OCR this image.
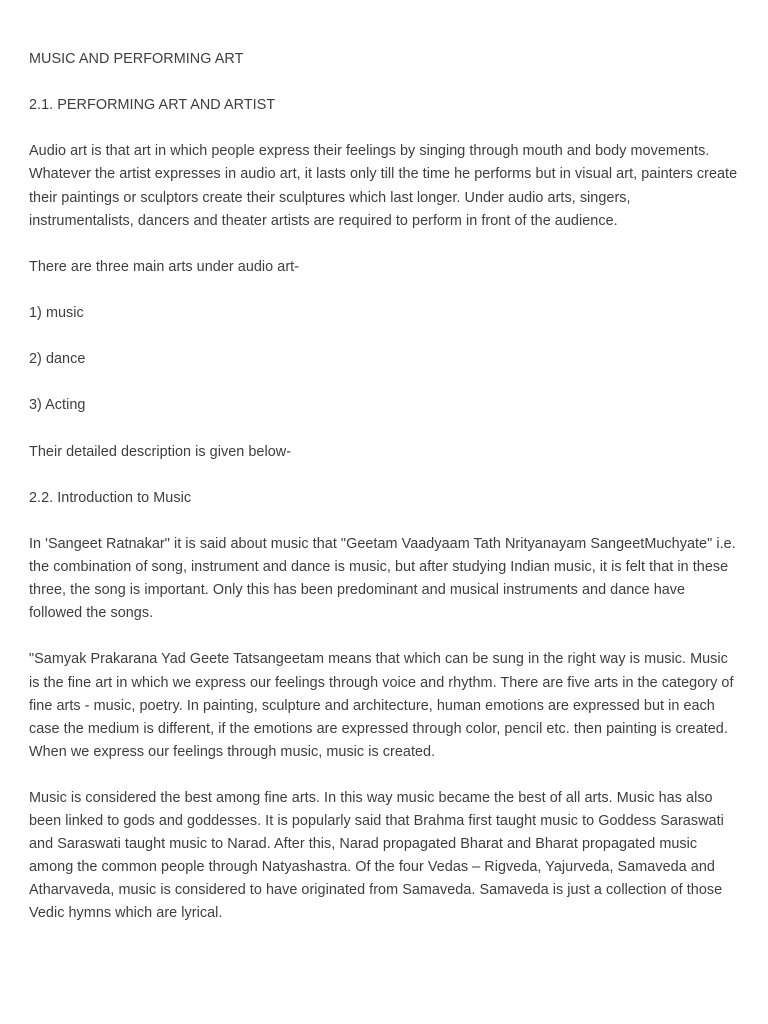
MUSIC AND PERFORMING ART

2.1. PERFORMING ART AND ARTIST

Audio art is that art in which people express their feelings by singing through mouth and body movements. Whatever the artist expresses in audio art, it lasts only till the time he performs but in visual art, painters create their paintings or sculptors create their sculptures which last longer. Under audio arts, singers, instrumentalists, dancers and theater artists are required to perform in front of the audience.

There are three main arts under audio art-

1) music

2) dance

3) Acting

Their detailed description is given below-

2.2. Introduction to Music

In 'Sangeet Ratnakar" it is said about music that "Geetam Vaadyaam Tath Nrityanayam SangeetMuchyate" i.e. the combination of song, instrument and dance is music, but after studying Indian music, it is felt that in these three, the song is important. Only this has been predominant and musical instruments and dance have followed the songs.

"Samyak Prakarana Yad Geete Tatsangeetam means that which can be sung in the right way is music. Music is the fine art in which we express our feelings through voice and rhythm. There are five arts in the category of fine arts - music, poetry. In painting, sculpture and architecture, human emotions are expressed but in each case the medium is different, if the emotions are expressed through color, pencil etc. then painting is created. When we express our feelings through music, music is created.

Music is considered the best among fine arts. In this way music became the best of all arts. Music has also been linked to gods and goddesses. It is popularly said that Brahma first taught music to Goddess Saraswati and Saraswati taught music to Narad. After this, Narad propagated Bharat and Bharat propagated music among the common people through Natyashastra. Of the four Vedas – Rigveda, Yajurveda, Samaveda and Atharvaveda, music is considered to have originated from Samaveda. Samaveda is just a collection of those Vedic hymns which are lyrical.
